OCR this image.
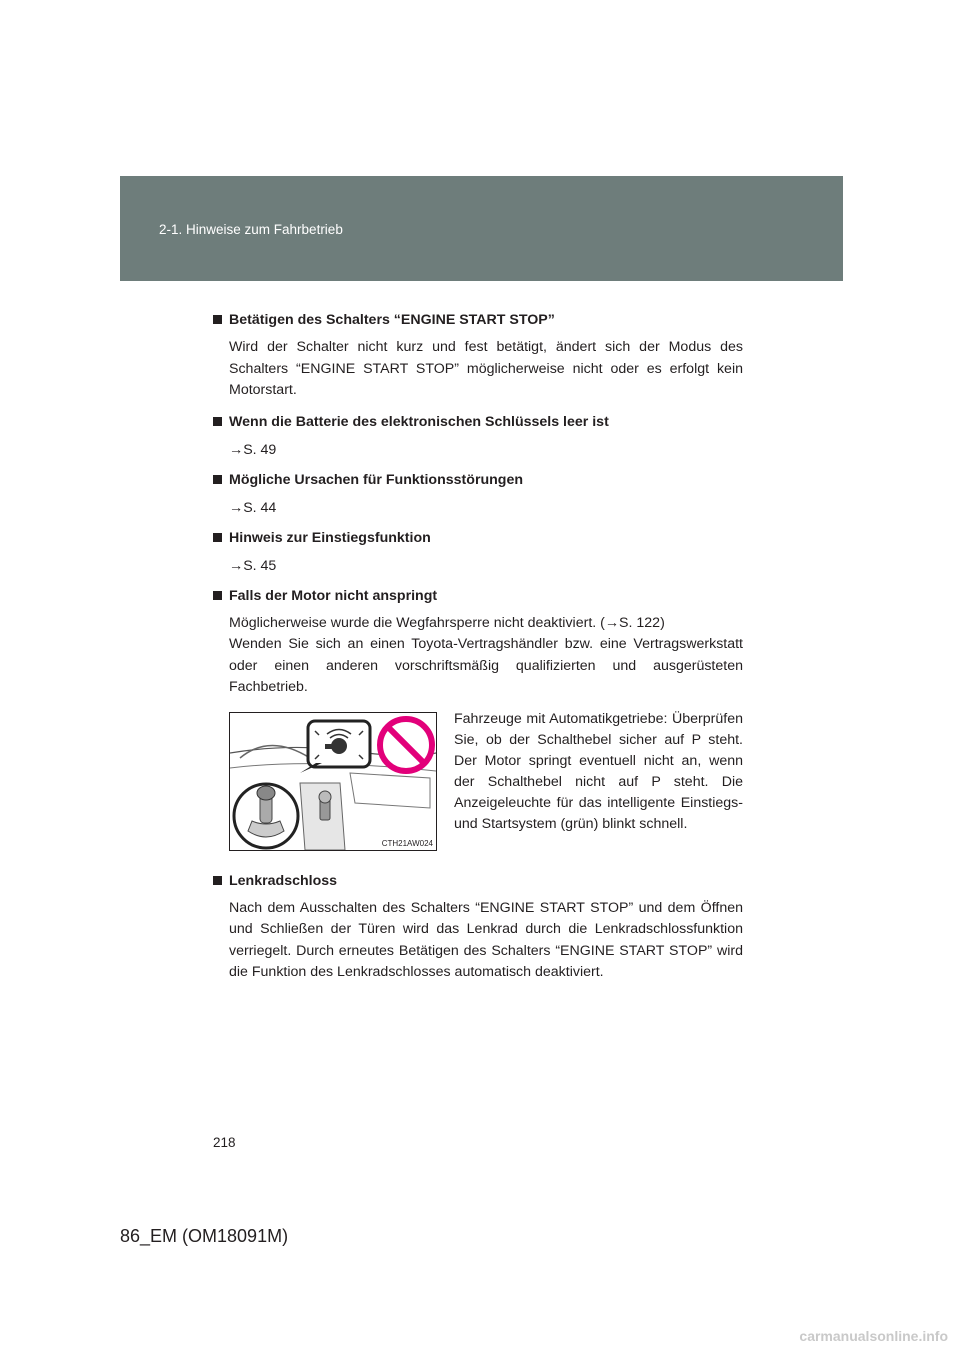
2-1. Hinweise zum Fahrbetrieb

Betätigen des Schalters “ENGINE START STOP”

Wird der Schalter nicht kurz und fest betätigt, ändert sich der Modus des Schalters “ENGINE START STOP” möglicherweise nicht oder es erfolgt kein Motorstart.

Wenn die Batterie des elektronischen Schlüssels leer ist

→S. 49

Mögliche Ursachen für Funktionsstörungen

→S. 44

Hinweis zur Einstiegsfunktion

→S. 45

Falls der Motor nicht anspringt

Möglicherweise wurde die Wegfahrsperre nicht deaktiviert. (→S. 122)

Wenden Sie sich an einen Toyota-Vertragshändler bzw. eine Vertragswerkstatt oder einen anderen vorschriftsmäßig qualifizierten und ausgerüsteten Fachbetrieb.

CTH21AW024
Fahrzeuge mit Automatikgetriebe: Überprüfen Sie, ob der Schalthebel sicher auf P steht. Der Motor springt eventuell nicht an, wenn der Schalthebel nicht auf P steht. Die Anzeigeleuchte für das intelligente Einstiegs- und Startsystem (grün) blinkt schnell.

Lenkradschloss

Nach dem Ausschalten des Schalters “ENGINE START STOP” und dem Öffnen und Schließen der Türen wird das Lenkrad durch die Lenkradschlossfunktion verriegelt. Durch erneutes Betätigen des Schalters “ENGINE START STOP” wird die Funktion des Lenkradschlosses automatisch deaktiviert.

218
86_EM (OM18091M)
carmanualsonline.info
